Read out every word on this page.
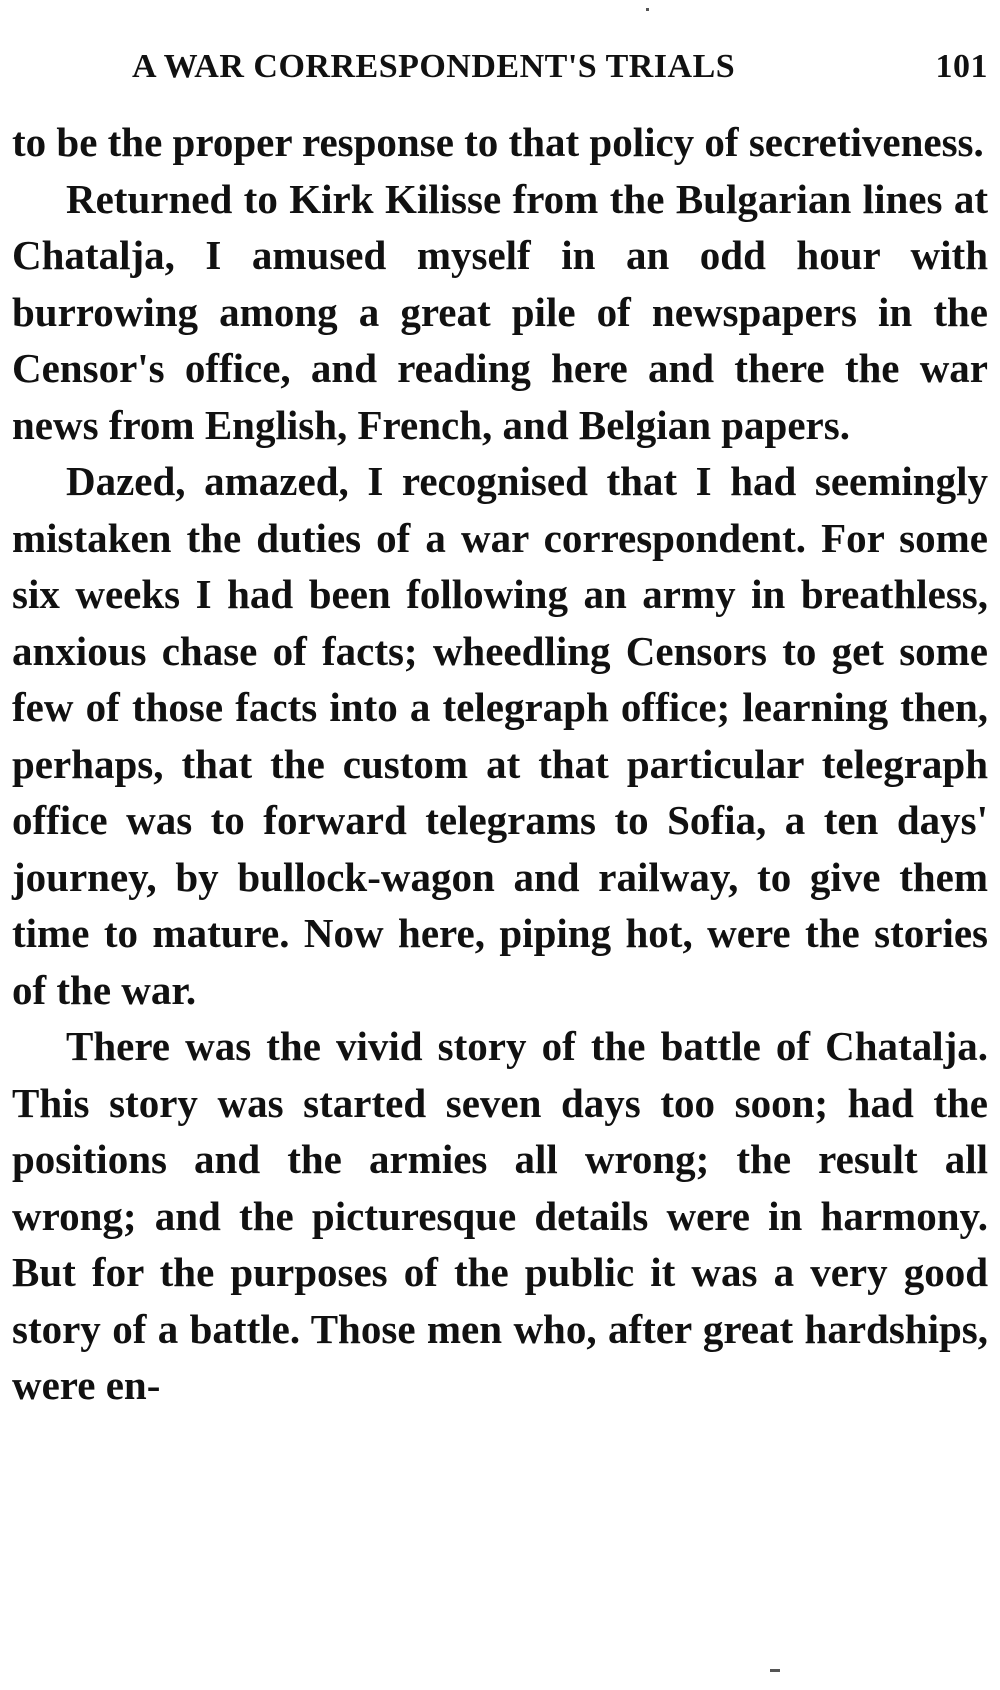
A WAR CORRESPONDENT'S TRIALS	101

to be the proper response to that policy of secretiveness.

Returned to Kirk Kilisse from the Bulgarian lines at Chatalja, I amused myself in an odd hour with burrowing among a great pile of newspapers in the Censor's office, and reading here and there the war news from English, French, and Belgian papers.

Dazed, amazed, I recognised that I had seemingly mistaken the duties of a war correspondent. For some six weeks I had been following an army in breathless, anxious chase of facts; wheedling Censors to get some few of those facts into a telegraph office; learning then, perhaps, that the custom at that particular telegraph office was to forward telegrams to Sofia, a ten days' journey, by bullock-wagon and railway, to give them time to mature. Now here, piping hot, were the stories of the war.

There was the vivid story of the battle of Chatalja. This story was started seven days too soon; had the positions and the armies all wrong; the result all wrong; and the picturesque details were in harmony. But for the purposes of the public it was a very good story of a battle. Those men who, after great hardships, were en-
